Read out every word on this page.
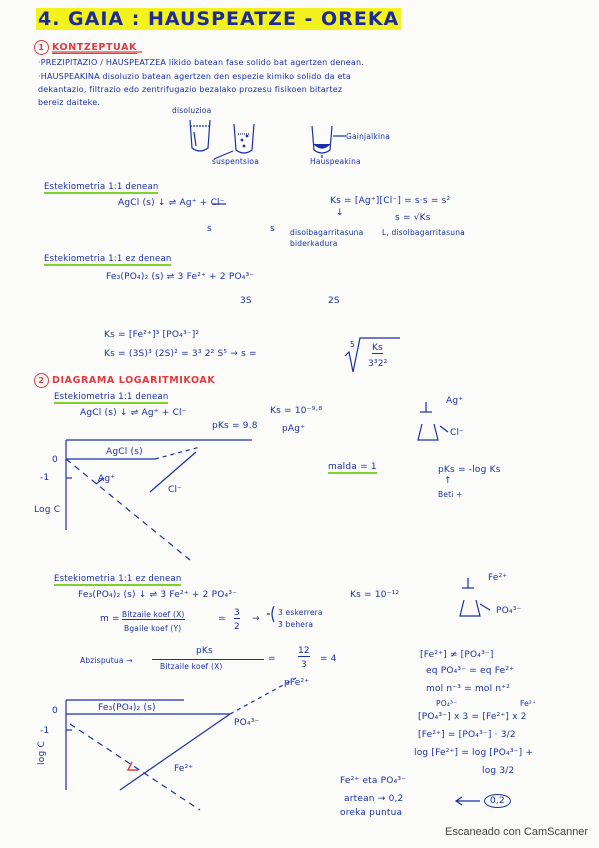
4. GAIA : HAUSPEATZE - OREKA
1 KONTZEPTUAK
·PREZIPITAZIO / HAUSPEATZEA likido batean fase solido bat agertzen denean.
·HAUSPEAKINA disoluzio batean agertzen den espezie kimiko solido da eta
dekantazio, filtrazio edo zentrifugazio bezalako prozesu fisikoen bitartez
bereiz daiteke.
disoluzioa
Gainjalkina
suspentsioa	Hauspeakina
Estekiometria 1:1 denean
AgCl (s) ↓ ⇌ Ag⁺ + Cl⁻
s	s
Ks = [Ag⁺][Cl⁻] = s·s = s²
↓	s = √Ks
disolbagarritasuna
biderkadura
L, disolbagarritasuna
Estekiometria 1:1 ez denean
Fe₃(PO₄)₂ (s) ⇌ 3 Fe²⁺ + 2 PO₄³⁻
3S	2S
Ks = [Fe²⁺]³ [PO₄³⁻]²
Ks = (3S)³ (2S)² = 3³ 2² S⁵ → s =
5 Ks
3³2²
2 DIAGRAMA LOGARITMIKOAK
Estekiometria 1:1 denean
AgCl (s) ↓ ⇌ Ag⁺ + Cl⁻	Ks = 10⁻⁹·⁸
pKs = 9.8	pAg⁺
0
-1
Log C
AgCl (s)
Ag⁺
Cl⁻
malda = 1	pKs = -log Ks
↑
Beti +
Ag⁺
Cl⁻
Estekiometria 1:1 ez denean
Fe₃(PO₄)₂ (s) ↓ ⇌ 3 Fe²⁺ + 2 PO₄³⁻	Ks = 10⁻¹²
m = Bitzaile koef (X)
Bgaile koef (Y)
=
3
2
→
3 eskerrera
3 behera
Abzisputua →
pKs
Bitzaile koef (X)
=
12
3
= 4
pFe²⁺
0
-1
log C
Fe₃(PO₄)₂ (s)
PO₄³⁻
Fe²⁺
Fe²⁺
PO₄³⁻
[Fe²⁺] ≠ [PO₄³⁻]
eq PO₄³⁻ = eq Fe²⁺
mol n⁻³ = mol n⁺²
PO₄³⁻	Fe²⁺
[PO₄³⁻] x 3 = [Fe²⁺] x 2
[Fe²⁺] = [PO₄³⁻] · 3/2
log [Fe²⁺] = log [PO₄³⁻] +
log 3/2
Fe²⁺ eta PO₄³⁻
artean → 0,2
oreka puntua
0,2
Escaneado con CamScanner
